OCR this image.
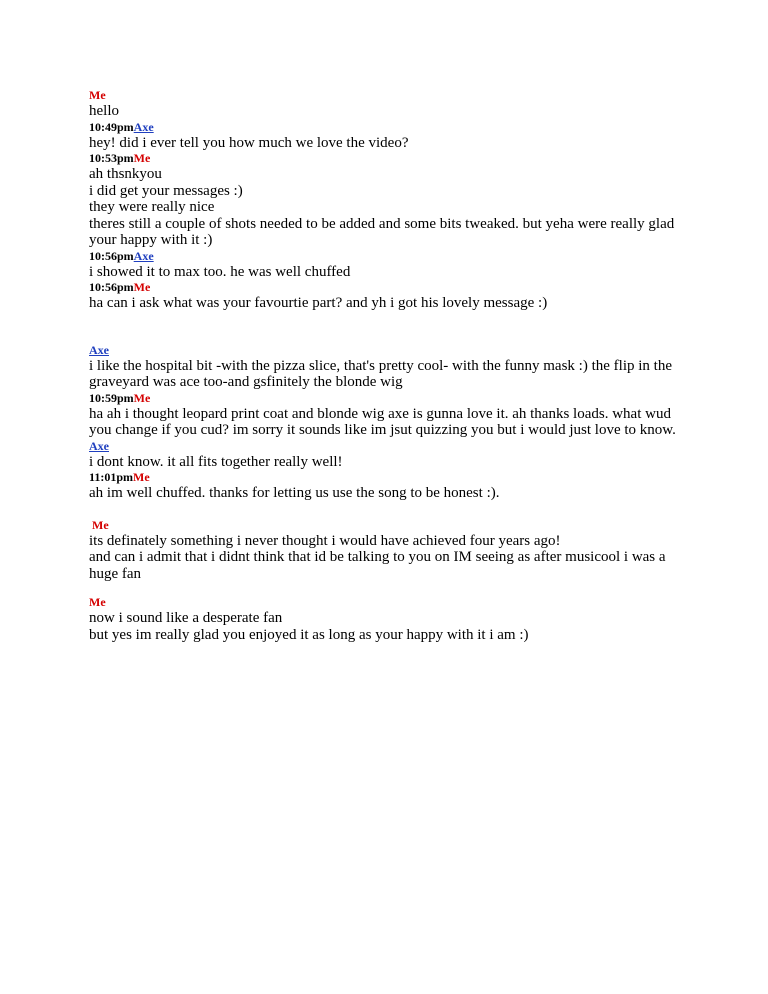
Me

hello

10:49pmAxe

hey! did i ever tell you how much we love the video?

10:53pmMe

ah thsnkyou

i did get your messages :)

they were really nice

theres still a couple of shots needed to be added and some bits tweaked. but yeha were really glad your happy with it :)

10:56pmAxe

i showed it to max too. he was well chuffed

10:56pmMe

ha can i ask what was your favourtie part? and yh i got his lovely message :)

Axe

i like the hospital bit -with the pizza slice, that's pretty cool- with the funny mask :) the flip in the graveyard was ace too-and gsfinitely the blonde wig

10:59pmMe

ha ah i thought leopard print coat and blonde wig axe is gunna love it. ah thanks loads. what wud you change if you cud? im sorry it sounds like im jsut quizzing you but i would just love to know.

Axe

i dont know. it all fits together really well!

11:01pmMe

ah im well chuffed. thanks for letting us use the song to be honest :).

Me

its definately something i never thought i would have achieved four years ago!

and can i admit that i didnt think that id be talking to you on IM seeing as after musicool i was a huge fan

Me

now i sound like a desperate fan

but yes im really glad you enjoyed it as long as your happy with it i am :)
